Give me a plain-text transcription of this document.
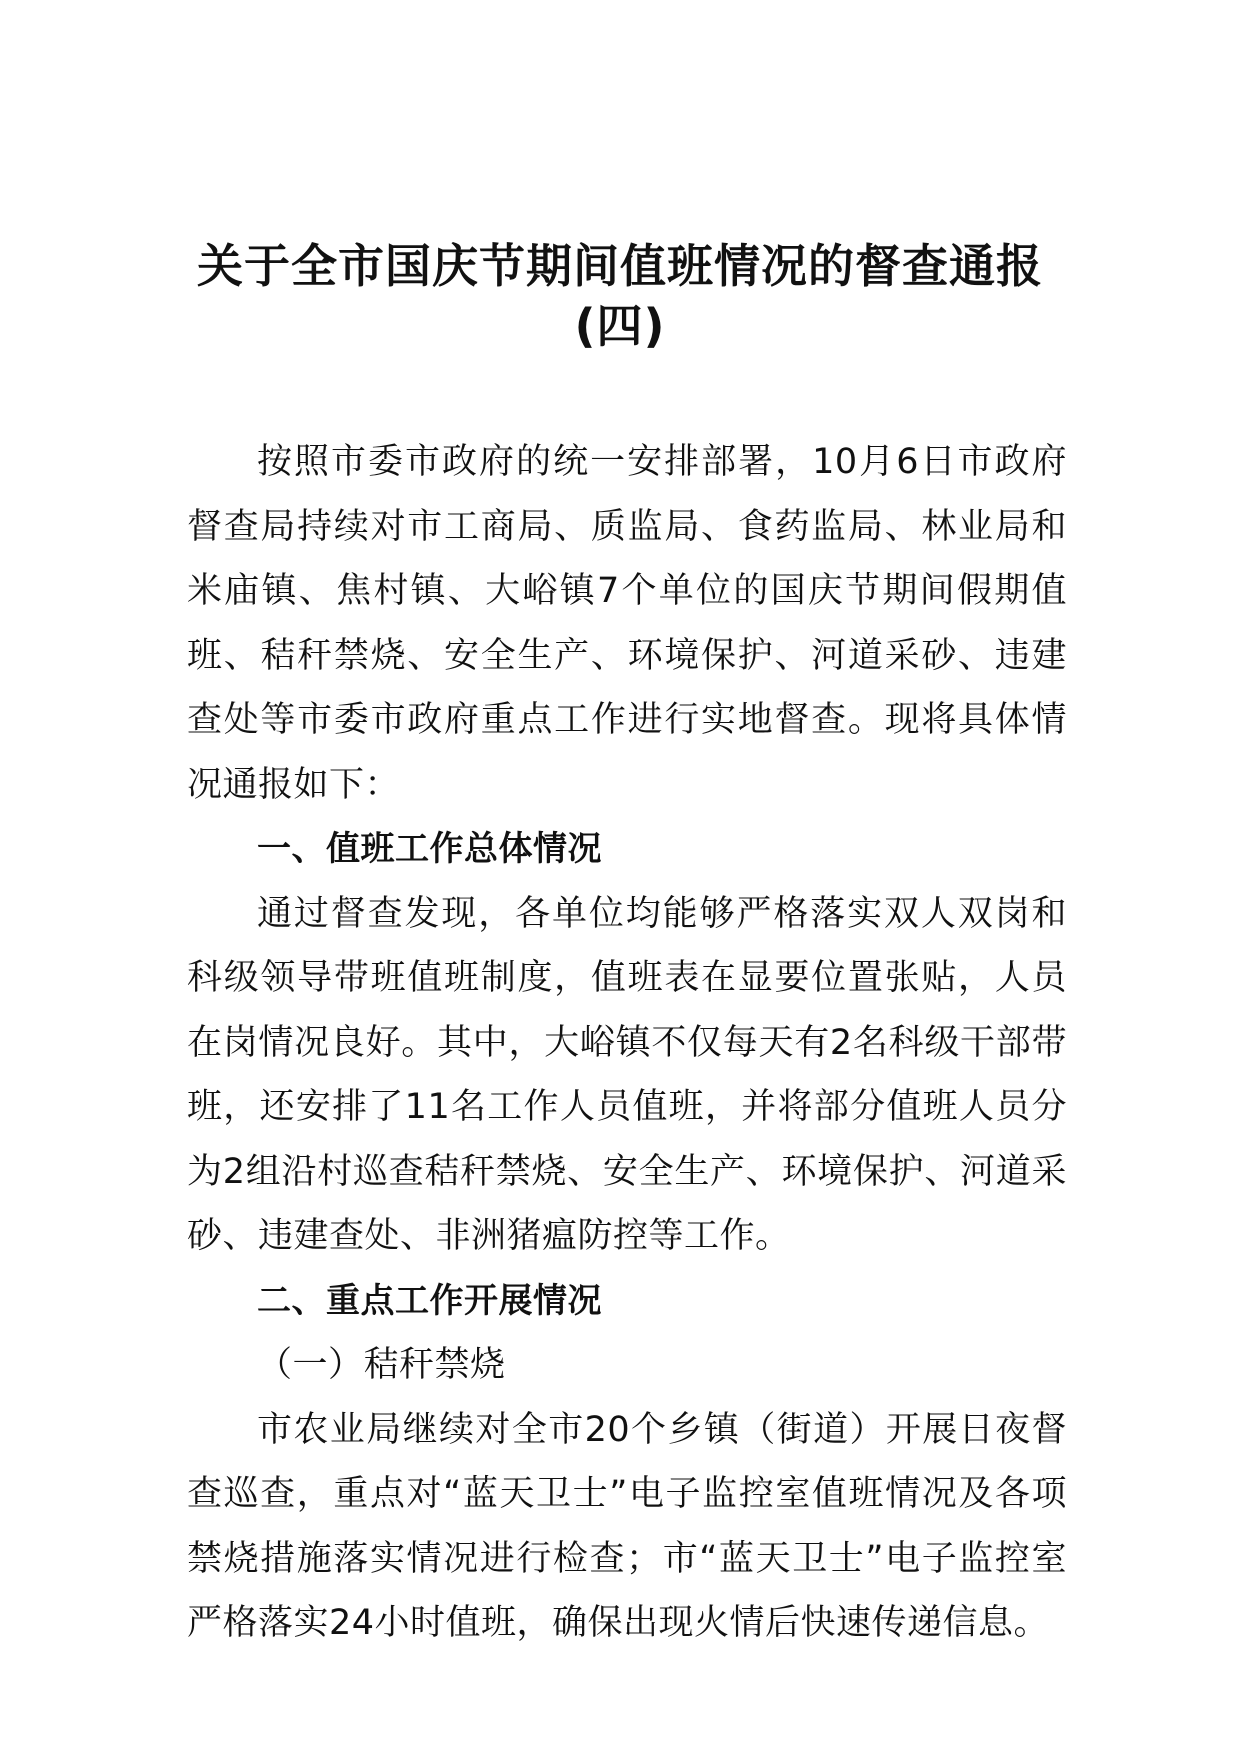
关于全市国庆节期间值班情况的督查通报
(四)

按照市委市政府的统一安排部署，10月6日市政府督查局持续对市工商局、质监局、食药监局、林业局和米庙镇、焦村镇、大峪镇7个单位的国庆节期间假期值班、秸秆禁烧、安全生产、环境保护、河道采砂、违建查处等市委市政府重点工作进行实地督查。现将具体情况通报如下：

一、值班工作总体情况

通过督查发现，各单位均能够严格落实双人双岗和科级领导带班值班制度，值班表在显要位置张贴，人员在岗情况良好。其中，大峪镇不仅每天有2名科级干部带班，还安排了11名工作人员值班，并将部分值班人员分为2组沿村巡查秸秆禁烧、安全生产、环境保护、河道采砂、违建查处、非洲猪瘟防控等工作。

二、重点工作开展情况

（一）秸秆禁烧

市农业局继续对全市20个乡镇（街道）开展日夜督查巡查，重点对“蓝天卫士”电子监控室值班情况及各项禁烧措施落实情况进行检查；市“蓝天卫士”电子监控室严格落实24小时值班，确保出现火情后快速传递信息。
